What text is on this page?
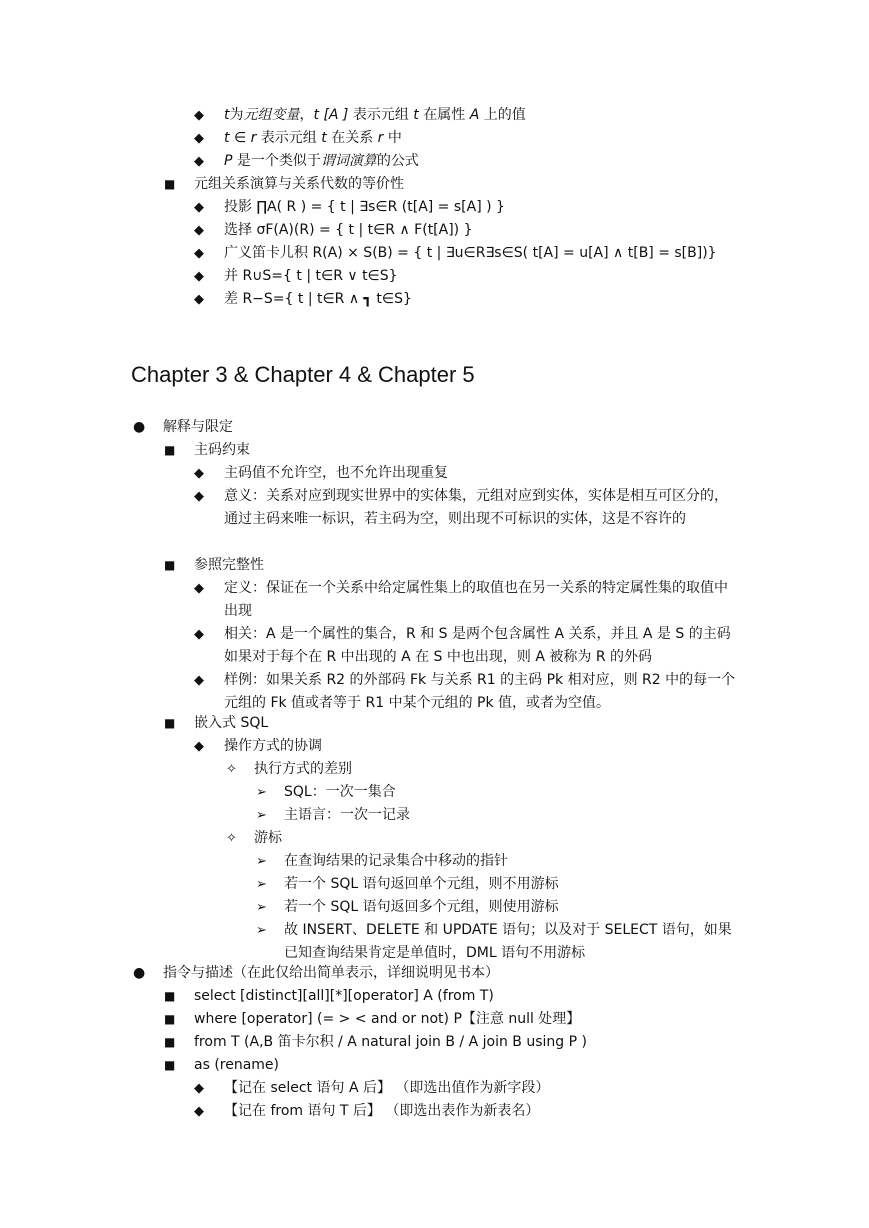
◆ t为元组变量，t [A ] 表示元组 t 在属性 A 上的值
◆ t ∈ r 表示元组 t 在关系 r 中
◆ P 是一个类似于谓词演算的公式
■ 元组关系演算与关系代数的等价性
◆ 投影 ∏A( R ) = { t | ∃s∈R (t[A] = s[A] ) }
◆ 选择 σF(A)(R) = { t | t∈R ∧ F(t[A]) }
◆ 广义笛卡儿积 R(A) × S(B) = { t | ∃u∈R∃s∈S( t[A] = u[A] ∧ t[B] = s[B])}
◆ 并 R∪S={ t | t∈R ∨ t∈S}
◆ 差 R−S={ t | t∈R ∧ ┓ t∈S}
Chapter 3 & Chapter 4 & Chapter 5
● 解释与限定
■ 主码约束
◆ 主码值不允许空，也不允许出现重复
◆ 意义：关系对应到现实世界中的实体集，元组对应到实体，实体是相互可区分的，通过主码来唯一标识，若主码为空，则出现不可标识的实体，这是不容许的
■ 参照完整性
◆ 定义：保证在一个关系中给定属性集上的取值也在另一关系的特定属性集的取值中出现
◆ 相关：A 是一个属性的集合，R 和 S 是两个包含属性 A 关系，并且 A 是 S 的主码 如果对于每个在 R 中出现的 A 在 S 中也出现，则 A 被称为 R 的外码
◆ 样例：如果关系 R2 的外部码 Fk 与关系 R1 的主码 Pk 相对应，则 R2 中的每一个元组的 Fk 值或者等于 R1 中某个元组的 Pk 值，或者为空值。
■ 嵌入式 SQL
◆ 操作方式的协调
✧ 执行方式的差别
➢ SQL：一次一集合
➢ 主语言：一次一记录
✧ 游标
➢ 在查询结果的记录集合中移动的指针
➢ 若一个 SQL 语句返回单个元组，则不用游标
➢ 若一个 SQL 语句返回多个元组，则使用游标
➢ 故 INSERT、DELETE 和 UPDATE 语句；以及对于 SELECT 语句，如果已知查询结果肯定是单值时，DML 语句不用游标
● 指令与描述（在此仅给出简单表示，详细说明见书本）
■ select [distinct][all][*][operator] A (from T)
■ where [operator] (= > < and or not) P【注意 null 处理】
■ from T (A,B 笛卡尔积 / A natural join B / A join B using P )
■ as (rename)
◆ 【记在 select 语句 A 后】 （即选出值作为新字段）
◆ 【记在 from 语句 T 后】 （即选出表作为新表名）
